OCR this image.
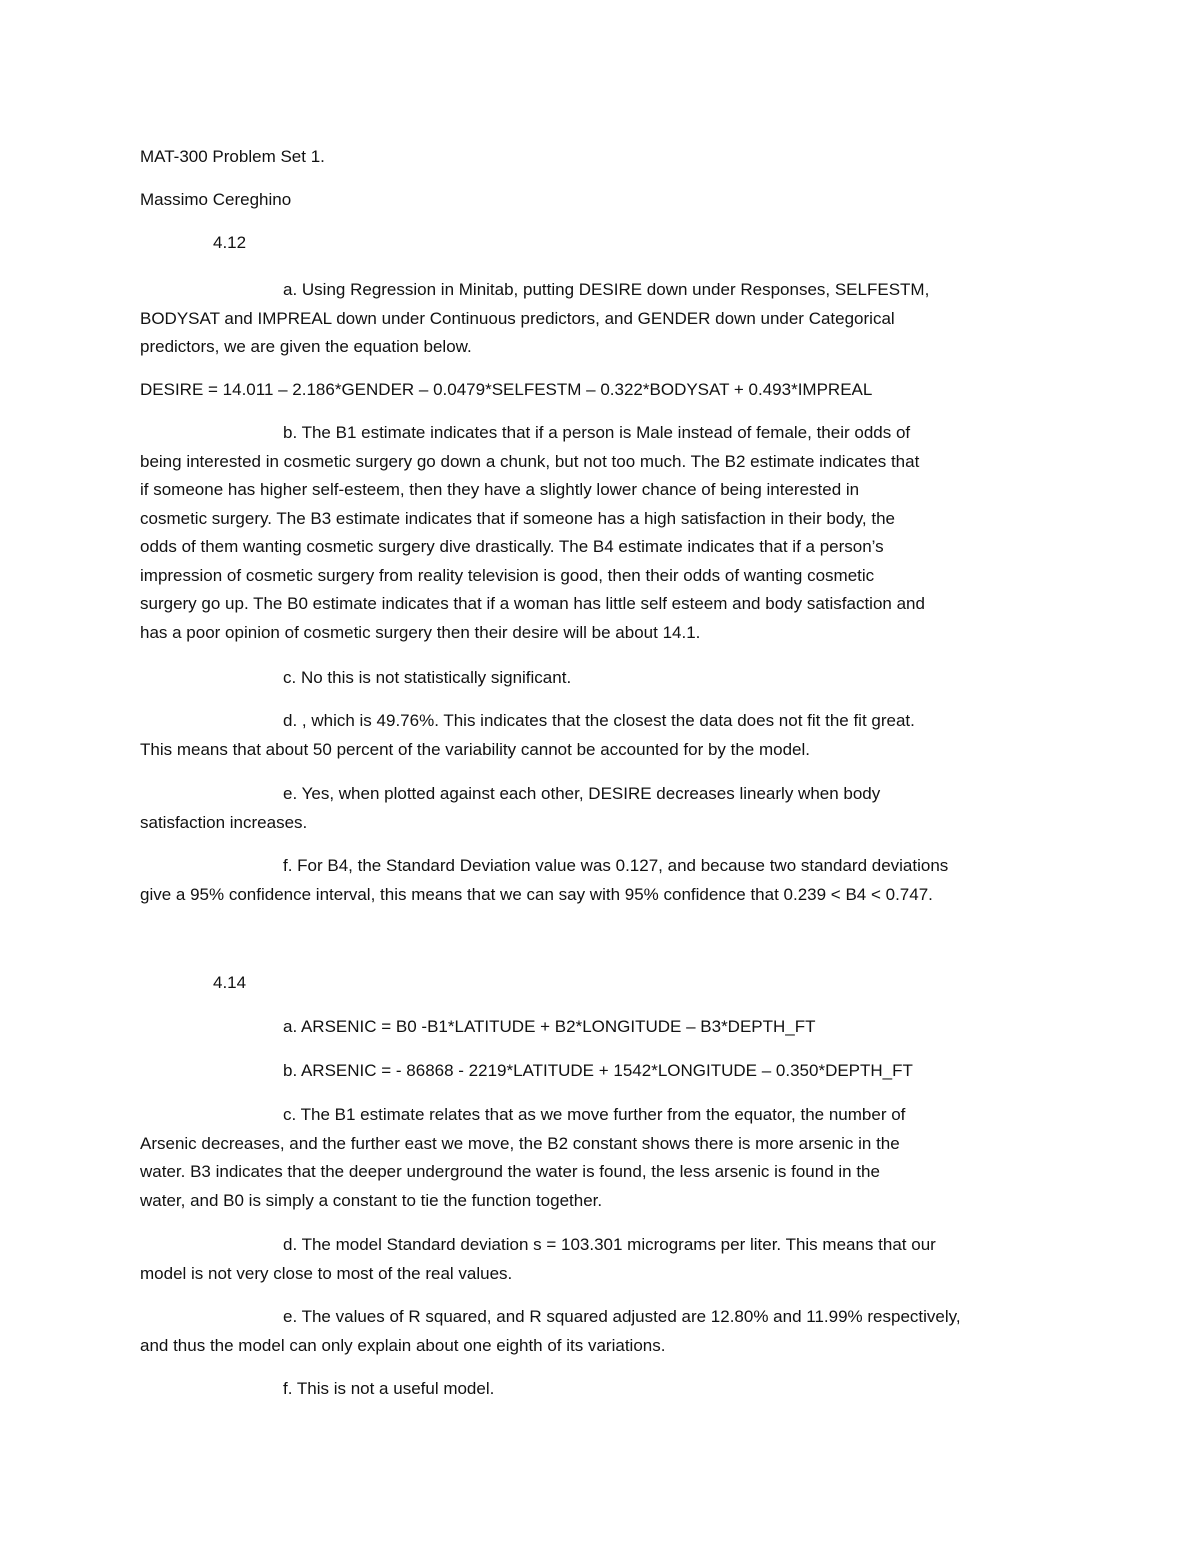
MAT-300 Problem Set 1.
Massimo Cereghino
4.12
a. Using Regression in Minitab, putting DESIRE down under Responses, SELFESTM,
BODYSAT and IMPREAL down under Continuous predictors, and GENDER down under Categorical
predictors, we are given the equation below.
DESIRE = 14.011 – 2.186*GENDER – 0.0479*SELFESTM – 0.322*BODYSAT + 0.493*IMPREAL
b. The B1 estimate indicates that if a person is Male instead of female, their odds of
being interested in cosmetic surgery go down a chunk, but not too much. The B2 estimate indicates that
if someone has higher self-esteem, then they have a slightly lower chance of being interested in
cosmetic surgery. The B3 estimate indicates that if someone has a high satisfaction in their body, the
odds of them wanting cosmetic surgery dive drastically. The B4 estimate indicates that if a person’s
impression of cosmetic surgery from reality television is good, then their odds of wanting cosmetic
surgery go up. The B0 estimate indicates that if a woman has little self esteem and body satisfaction and
has a poor opinion of cosmetic surgery then their desire will be about 14.1.
c. No this is not statistically significant.
d. , which is 49.76%. This indicates that the closest the data does not fit the fit great.
This means that about 50 percent of the variability cannot be accounted for by the model.
e. Yes, when plotted against each other, DESIRE decreases linearly when body
satisfaction increases.
f. For B4, the Standard Deviation value was 0.127, and because two standard deviations
give a 95% confidence interval, this means that we can say with 95% confidence that 0.239 < B4 < 0.747.
4.14
a. ARSENIC = B0 -B1*LATITUDE + B2*LONGITUDE – B3*DEPTH_FT
b. ARSENIC = - 86868 - 2219*LATITUDE + 1542*LONGITUDE – 0.350*DEPTH_FT
c. The B1 estimate relates that as we move further from the equator, the number of
Arsenic decreases, and the further east we move, the B2 constant shows there is more arsenic in the
water. B3 indicates that the deeper underground the water is found, the less arsenic is found in the
water, and B0 is simply a constant to tie the function together.
d. The model Standard deviation s = 103.301 micrograms per liter. This means that our
model is not very close to most of the real values.
e. The values of R squared, and R squared adjusted are 12.80% and 11.99% respectively,
and thus the model can only explain about one eighth of its variations.
f. This is not a useful model.
